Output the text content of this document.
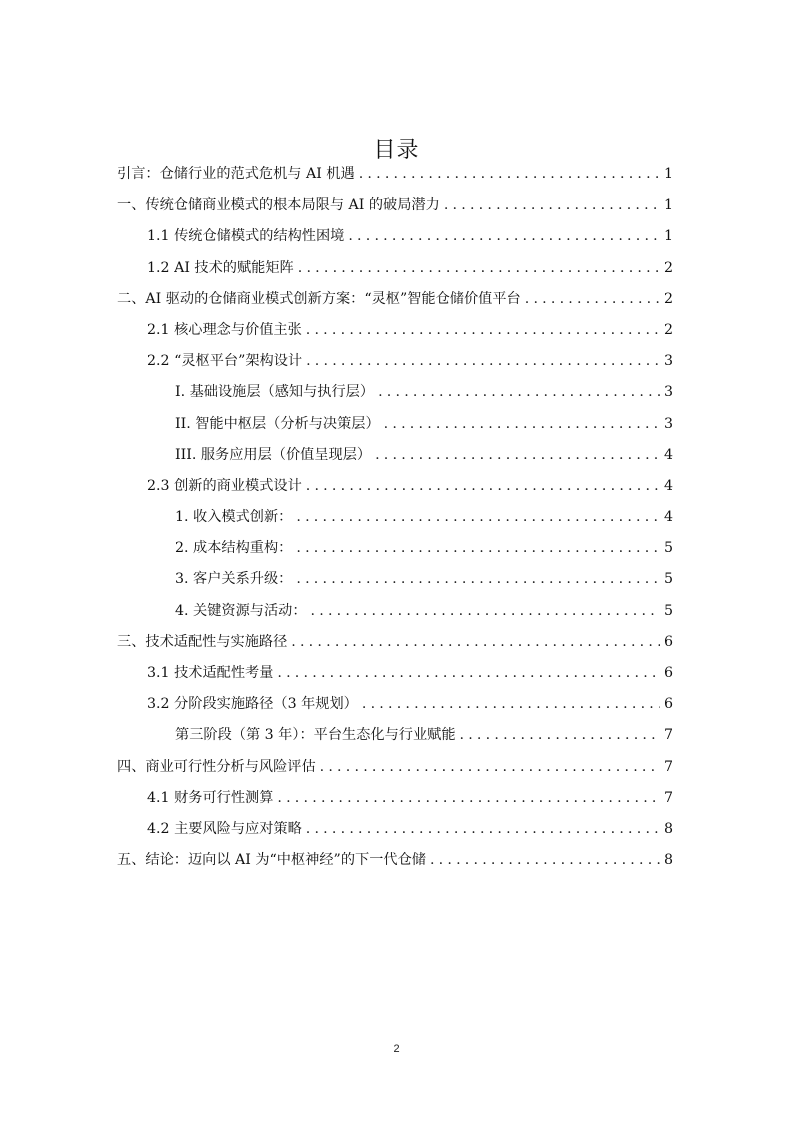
目录
引言：仓储行业的范式危机与 AI 机遇 .....	1
一、传统仓储商业模式的根本局限与 AI 的破局潜力 .....	1
1.1 传统仓储模式的结构性困境 .....	1
1.2 AI 技术的赋能矩阵 .....	2
二、AI 驱动的仓储商业模式创新方案：“灵枢”智能仓储价值平台 .....	2
2.1 核心理念与价值主张 .....	2
2.2 “灵枢平台”架构设计 .....	3
I. 基础设施层（感知与执行层） .....	3
II. 智能中枢层（分析与决策层） .....	3
III. 服务应用层（价值呈现层） .....	4
2.3 创新的商业模式设计 .....	4
1. 收入模式创新： .....	4
2. 成本结构重构： .....	5
3. 客户关系升级： .....	5
4. 关键资源与活动： .....	5
三、技术适配性与实施路径 .....	6
3.1 技术适配性考量 .....	6
3.2 分阶段实施路径（3 年规划） .....	6
第三阶段（第 3 年）：平台生态化与行业赋能 .....	7
四、商业可行性分析与风险评估 .....	7
4.1 财务可行性测算 .....	7
4.2 主要风险与应对策略 .....	8
五、结论：迈向以 AI 为“中枢神经”的下一代仓储 .....	8
2
